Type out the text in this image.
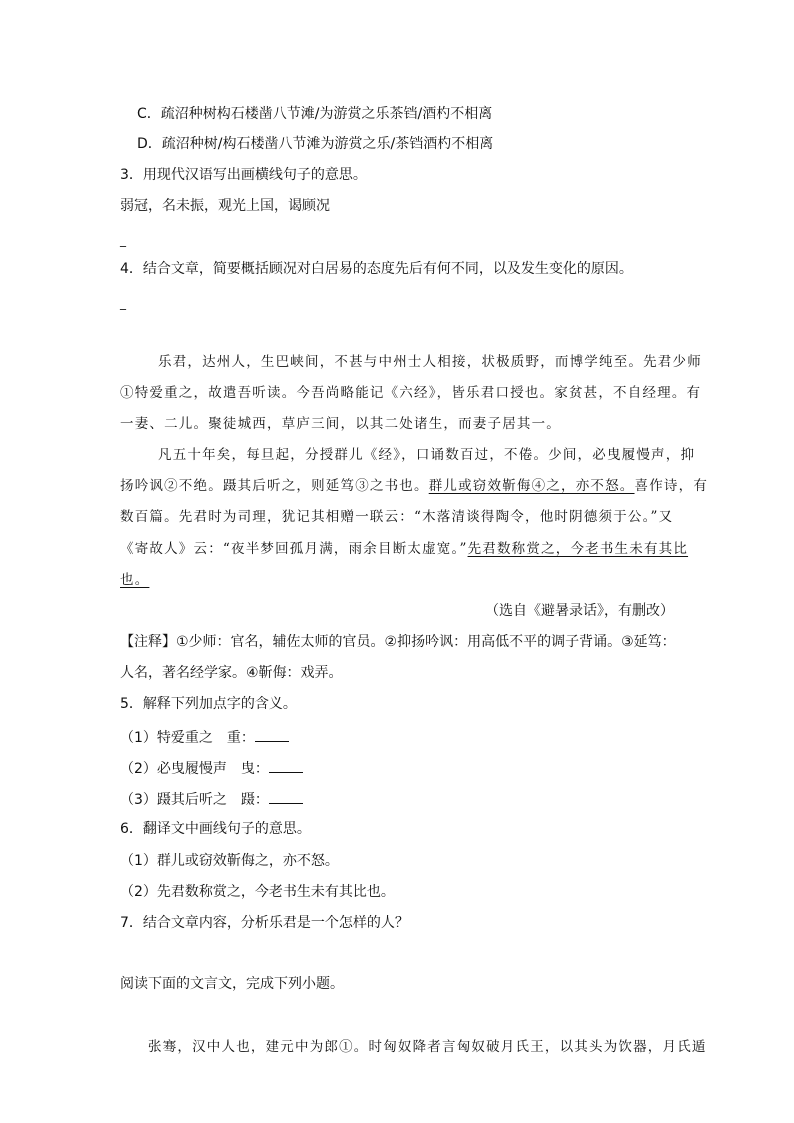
C．疏沼种树构石楼凿八节滩/为游赏之乐茶铛/酒杓不相离
D．疏沼种树/构石楼凿八节滩为游赏之乐/茶铛酒杓不相离
3．用现代汉语写出画横线句子的意思。
弱冠，名未振，观光上国，谒顾况
_
4．结合文章，简要概括顾况对白居易的态度先后有何不同，以及发生变化的原因。
_
乐君，达州人，生巴峡间，不甚与中州士人相接，状极质野，而博学纯至。先君少师
①特爱重之，故遣吾听读。今吾尚略能记《六经》，皆乐君口授也。家贫甚，不自经理。有
一妻、二儿。聚徒城西，草庐三间，以其二处诸生，而妻子居其一。
凡五十年矣，每旦起，分授群儿《经》，口诵数百过，不倦。少间，必曳履慢声，抑
扬吟讽②不绝。蹑其后听之，则延笃③之书也。群儿或窃效靳侮④之，亦不怒。喜作诗，有
数百篇。先君时为司理，犹记其相赠一联云：“木落清谈得陶令，他时阴德须于公。”又
《寄故人》云：“夜半梦回孤月满，雨余目断太虚宽。”先君数称赏之，今老书生未有其比
也。
（选自《避暑录话》，有删改）
【注释】①少师：官名，辅佐太师的官员。②抑扬吟讽：用高低不平的调子背诵。③延笃：
人名，著名经学家。④靳侮：戏弄。
5．解释下列加点字的含义。
（1）特爱重之　重：
（2）必曳履慢声　曳：
（3）蹑其后听之　蹑：
6．翻译文中画线句子的意思。
（1）群儿或窃效靳侮之，亦不怒。
（2）先君数称赏之，今老书生未有其比也。
7．结合文章内容，分析乐君是一个怎样的人？
阅读下面的文言文，完成下列小题。
张骞，汉中人也，建元中为郎①。时匈奴降者言匈奴破月氏王，以其头为饮器，月氏遁
